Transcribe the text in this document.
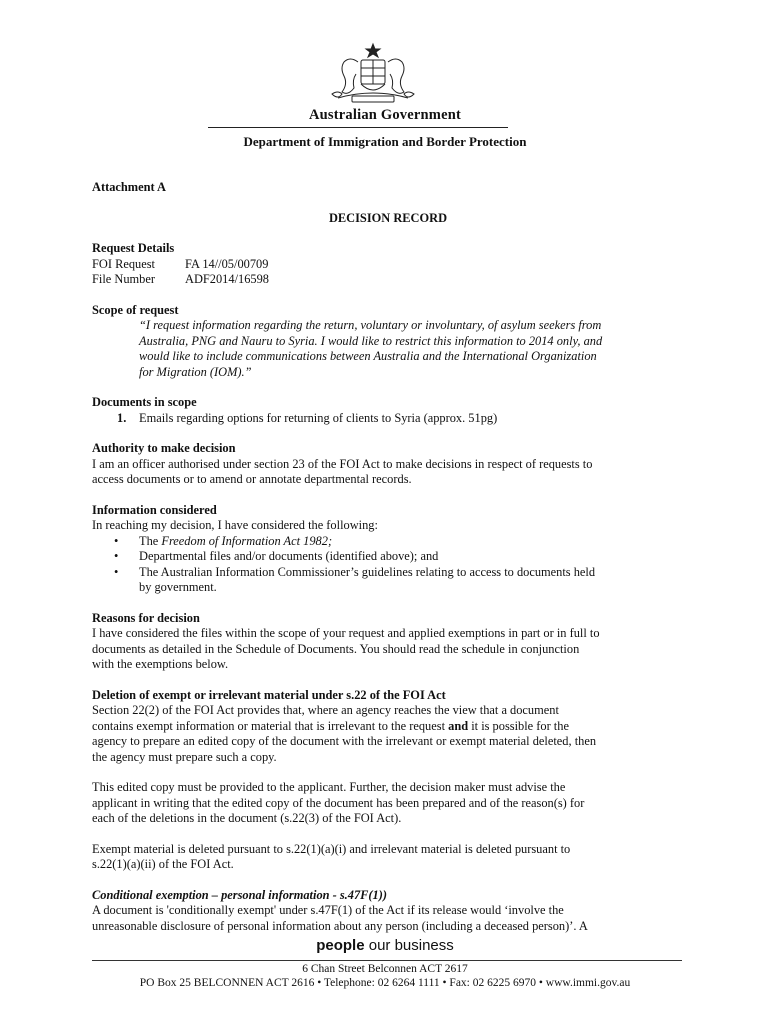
Australian Government
Department of Immigration and Border Protection

Attachment A

DECISION RECORD

Request Details

FOI Request FA 14//05/00709

File Number ADF2014/16598

Scope of request

“I request information regarding the return, voluntary or involuntary, of asylum seekers from

Australia, PNG and Nauru to Syria. I would like to restrict this information to 2014 only, and

would like to include communications between Australia and the International Organization

for Migration (IOM).”

Documents in scope

1. Emails regarding options for returning of clients to Syria (approx. 51pg)

Authority to make decision

I am an officer authorised under section 23 of the FOI Act to make decisions in respect of requests to

access documents or to amend or annotate departmental records.

Information considered

In reaching my decision, I have considered the following:

• The Freedom of Information Act 1982;
• Departmental files and/or documents (identified above); and
• The Australian Information Commissioner’s guidelines relating to access to documents held
by government.

Reasons for decision

I have considered the files within the scope of your request and applied exemptions in part or in full to

documents as detailed in the Schedule of Documents. You should read the schedule in conjunction

with the exemptions below.

Deletion of exempt or irrelevant material under s.22 of the FOI Act

Section 22(2) of the FOI Act provides that, where an agency reaches the view that a document

contains exempt information or material that is irrelevant to the request and it is possible for the

agency to prepare an edited copy of the document with the irrelevant or exempt material deleted, then

the agency must prepare such a copy.

This edited copy must be provided to the applicant. Further, the decision maker must advise the

applicant in writing that the edited copy of the document has been prepared and of the reason(s) for

each of the deletions in the document (s.22(3) of the FOI Act).

Exempt material is deleted pursuant to s.22(1)(a)(i) and irrelevant material is deleted pursuant to

s.22(1)(a)(ii) of the FOI Act.

Conditional exemption – personal information - s.47F(1))

A document is 'conditionally exempt' under s.47F(1) of the Act if its release would ‘involve the

unreasonable disclosure of personal information about any person (including a deceased person)’. A

people our business
6 Chan Street Belconnen ACT 2617
PO Box 25 BELCONNEN ACT 2616 • Telephone: 02 6264 1111 • Fax: 02 6225 6970 • www.immi.gov.au
